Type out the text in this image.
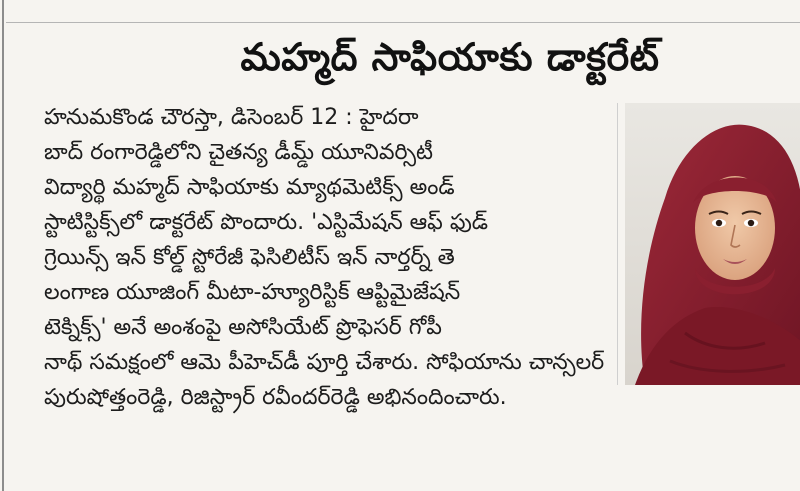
మహ్మద్ సాఫియాకు డాక్టరేట్
హనుమకొండ చౌరస్తా, డిసెంబర్ 12 : హైదరా
బాద్ రంగారెడ్డిలోని చైతన్య డీమ్డ్ యూనివర్సిటీ
విద్యార్థి మహ్మద్ సాఫియాకు మ్యాథమెటిక్స్ అండ్
స్టాటిస్టిక్స్‌లో డాక్టరేట్ పొందారు. 'ఎస్టిమేషన్ ఆఫ్ ఫుడ్
గ్రెయిన్స్ ఇన్ కోల్డ్ స్టోరేజీ ఫెసిలిటీస్ ఇన్ నార్తర్న్ తె
లంగాణ యూజింగ్ మీటా-హ్యూరిస్టిక్ ఆప్టిమైజేషన్
టెక్నిక్స్' అనే అంశంపై అసోసియేట్ ప్రొఫెసర్ గోపీ
నాథ్ సమక్షంలో ఆమె పీహెచ్‌డీ పూర్తి చేశారు. సోఫియాను చాన్సలర్
పురుషోత్తంరెడ్డి, రిజిస్ట్రార్ రవీందర్‌రెడ్డి అభినందించారు.
